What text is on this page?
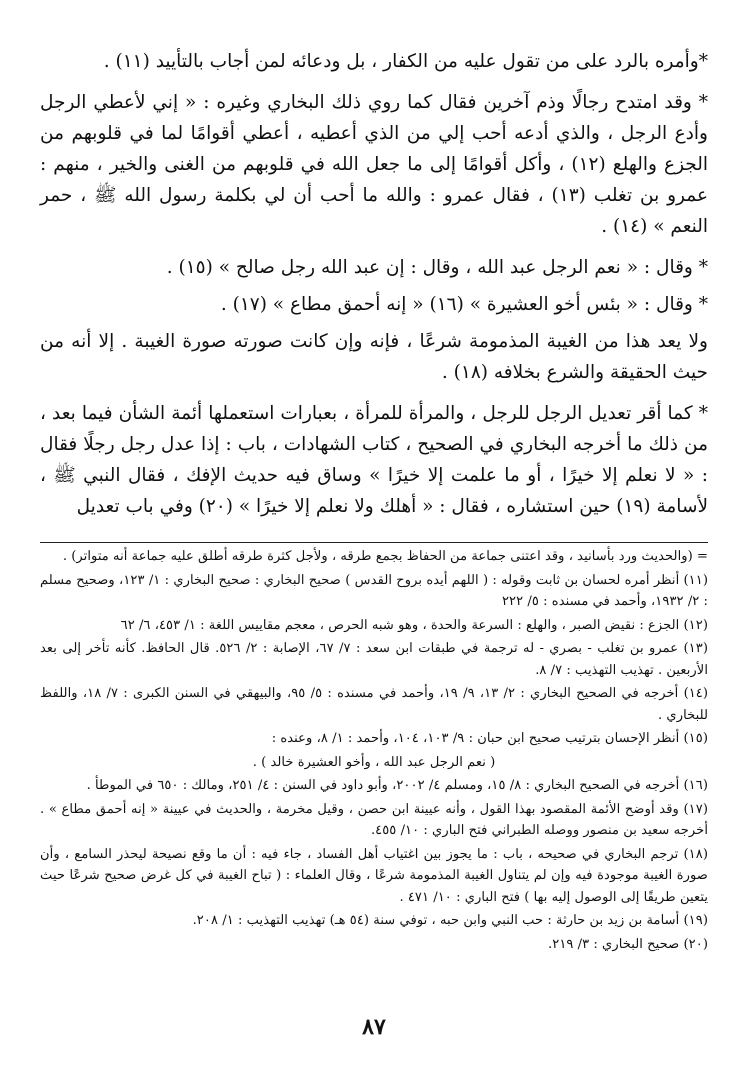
*وأمره بالرد على من تقول عليه من الكفار ، بل ودعائه لمن أجاب بالتأييد (١١) .

* وقد امتدح رجالًا وذم آخرين فقال كما روي ذلك البخاري وغيره : « إني لأعطي الرجل وأدع الرجل ، والذي أدعه أحب إلي من الذي أعطيه ، أعطي أقوامًا لما في قلوبهم من الجزع والهلع (١٢) ، وأكل أقوامًا إلى ما جعل الله في قلوبهم من الغنى والخير ، منهم : عمرو بن تغلب (١٣) ، فقال عمرو : والله ما أحب أن لي بكلمة رسول الله ﷺ ، حمر النعم » (١٤) .

* وقال : « نعم الرجل عبد الله ، وقال : إن عبد الله رجل صالح » (١٥) .

* وقال : « بئس أخو العشيرة » (١٦) « إنه أحمق مطاع » (١٧) .

ولا يعد هذا من الغيبة المذمومة شرعًا ، فإنه وإن كانت صورته صورة الغيبة . إلا أنه من حيث الحقيقة والشرع بخلافه (١٨) .

* كما أقر تعديل الرجل للرجل ، والمرأة للمرأة ، بعبارات استعملها أئمة الشأن فيما بعد ، من ذلك ما أخرجه البخاري في الصحيح ، كتاب الشهادات ، باب : إذا عدل رجل رجلًا فقال : « لا نعلم إلا خيرًا ، أو ما علمت إلا خيرًا » وساق فيه حديث الإفك ، فقال النبي ﷺ ، لأسامة (١٩) حين استشاره ، فقال : « أهلك ولا نعلم إلا خيرًا » (٢٠) وفي باب تعديل

= (والحديث ورد بأسانيد ، وقد اعتنى جماعة من الحفاظ بجمع طرقه ، ولأجل كثرة طرقه أطلق عليه جماعة أنه متواتر) .

(١١) أنظر أمره لحسان بن ثابت وقوله : ( اللهم أيده بروح القدس ) صحيح البخاري : صحيح البخاري : ١/ ١٢٣، وصحيح مسلم : ٢/ ١٩٣٢، وأحمد في مسنده : ٥/ ٢٢٢

(١٢) الجزع : نقيض الصبر ، والهلع : السرعة والحدة ، وهو شبه الحرص ، معجم مقاييس اللغة : ١/ ٤٥٣، ٦/ ٦٢

(١٣) عمرو بن تغلب - بصري - له ترجمة في طبقات ابن سعد : ٧/ ٦٧، الإصابة : ٢/ ٥٢٦. قال الحافظ. كأنه تأخر إلى بعد الأربعين . تهذيب التهذيب : ٧/ ٨.

(١٤) أخرجه في الصحيح البخاري : ٢/ ١٣، ٩/ ١٩، وأحمد في مسنده : ٥/ ٩٥، والبيهقي في السنن الكبرى : ٧/ ١٨، واللفظ للبخاري .

(١٥) أنظر الإحسان بترتيب صحيح ابن حبان : ٩/ ١٠٣، ١٠٤، وأحمد : ١/ ٨، وعنده :

( نعم الرجل عبد الله ، وأخو العشيرة خالد ) .

(١٦) أخرجه في الصحيح البخاري : ٨/ ١٥، ومسلم ٤/ ٢٠٠٢، وأبو داود في السنن : ٤/ ٢٥١، ومالك : ٦٥٠ في الموطأ .

(١٧) وقد أوضح الأئمة المقصود بهذا القول ، وأنه عيينة ابن حصن ، وقيل مخرمة ، والحديث في عيينة « إنه أحمق مطاع » . أخرجه سعيد بن منصور ووصله الطبراني فتح الباري : ١٠/ ٤٥٥.

(١٨) ترجم البخاري في صحيحه ، باب : ما يجوز بين اغتياب أهل الفساد ، جاء فيه : أن ما وقع نصيحة ليحذر السامع ، وأن صورة الغيبة موجودة فيه وإن لم يتناول الغيبة المذمومة شرعًا ، وقال العلماء : ( تباح الغيبة في كل غرض صحيح شرعًا حيث يتعين طريقًا إلى الوصول إليه بها ) فتح الباري : ١٠/ ٤٧١ .

(١٩) أسامة بن زيد بن حارثة : حب النبي وابن حبه ، توفي سنة (٥٤ هـ) تهذيب التهذيب : ١/ ٢٠٨.

(٢٠) صحيح البخاري : ٣/ ٢١٩.

٨٧
